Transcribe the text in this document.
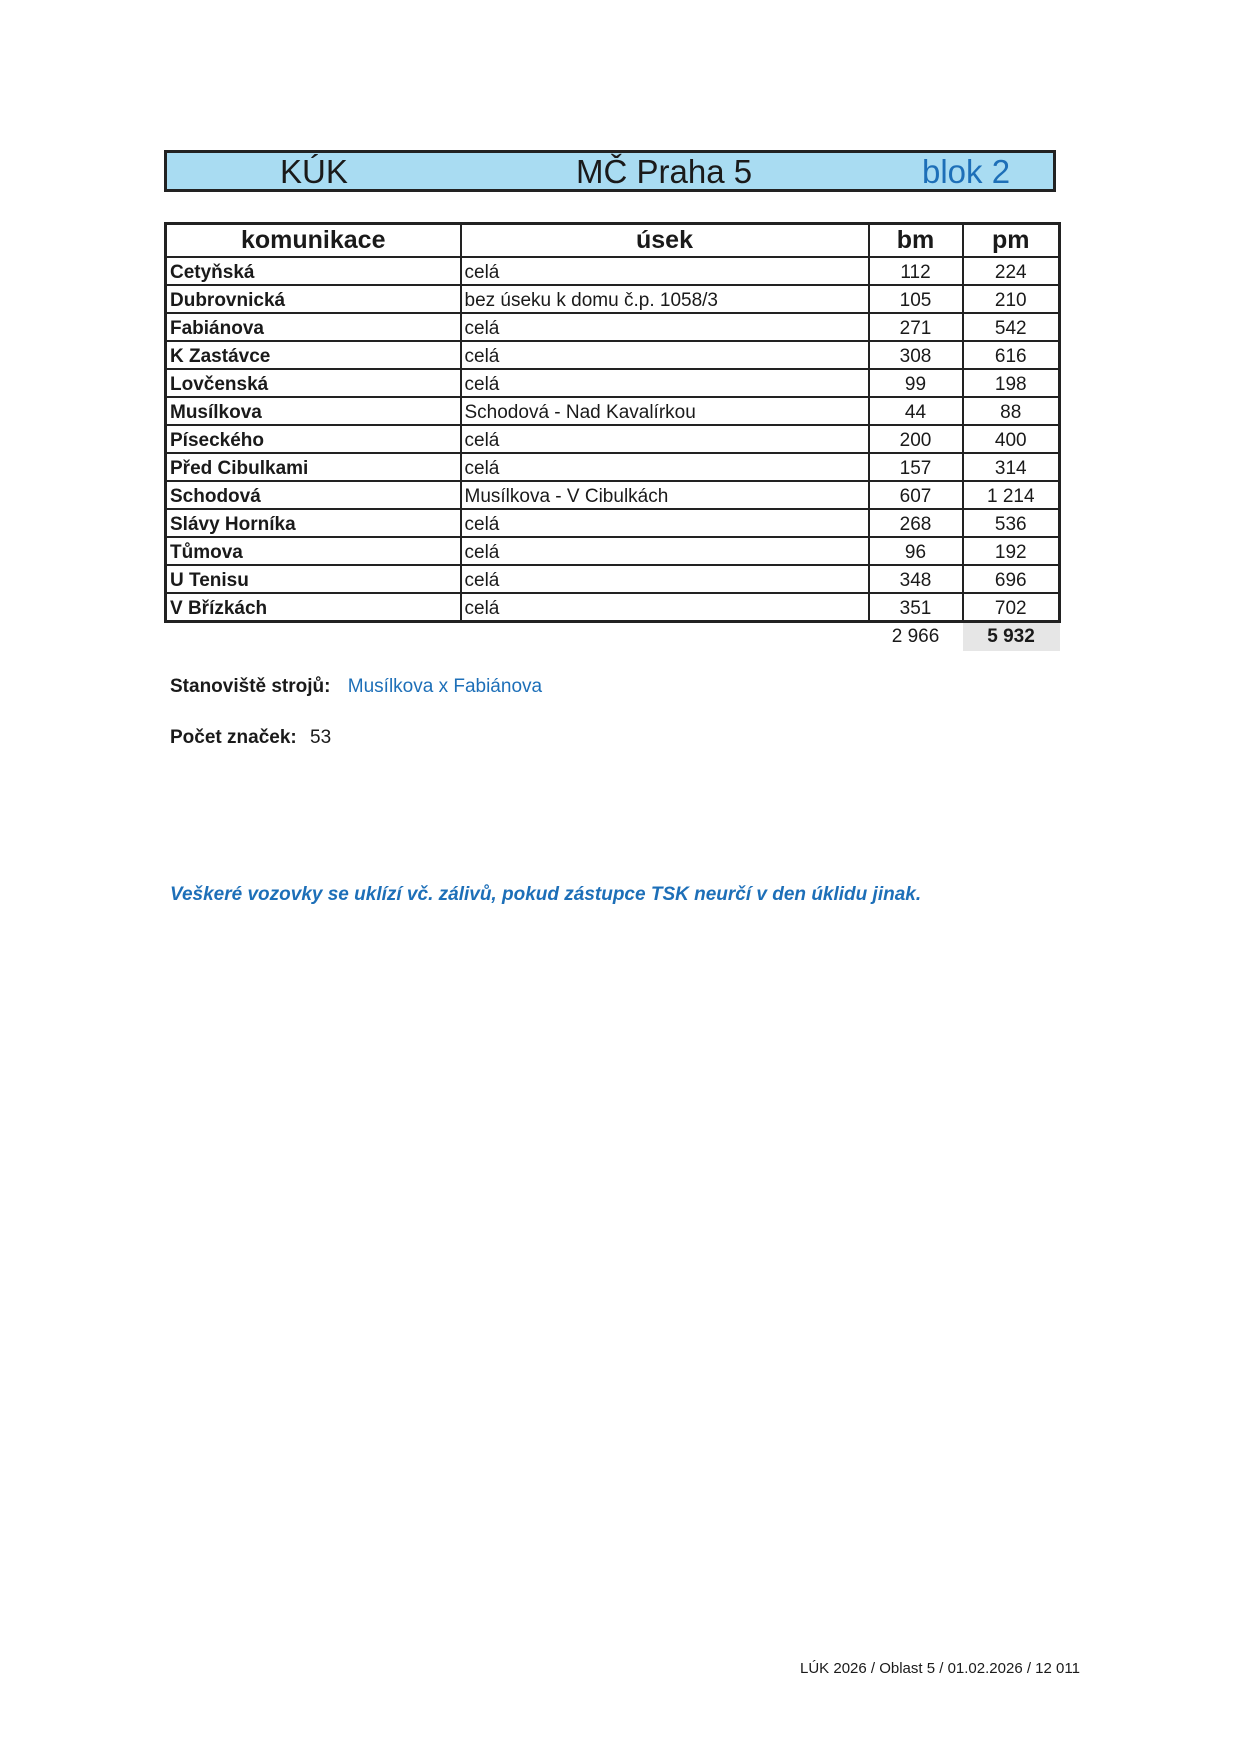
KÚK	MČ Praha 5	blok 2
komunikace	úsek	bm	pm
Cetyňská	celá	112	224
Dubrovnická	bez úseku k domu č.p. 1058/3	105	210
Fabiánova	celá	271	542
K Zastávce	celá	308	616
Lovčenská	celá	99	198
Musílkova	Schodová - Nad Kavalírkou	44	88
Píseckého	celá	200	400
Před Cibulkami	celá	157	314
Schodová	Musílkova - V Cibulkách	607	1 214
Slávy Horníka	celá	268	536
Tůmova	celá	96	192
U Tenisu	celá	348	696
V Břízkách	celá	351	702
		2 966	5 932
Stanoviště strojů: Musílkova x Fabiánova
Počet značek: 53
Veškeré vozovky se uklízí vč. zálivů, pokud zástupce TSK neurčí v den úklidu jinak.
LÚK 2026 / Oblast 5 / 01.02.2026 / 12 011
